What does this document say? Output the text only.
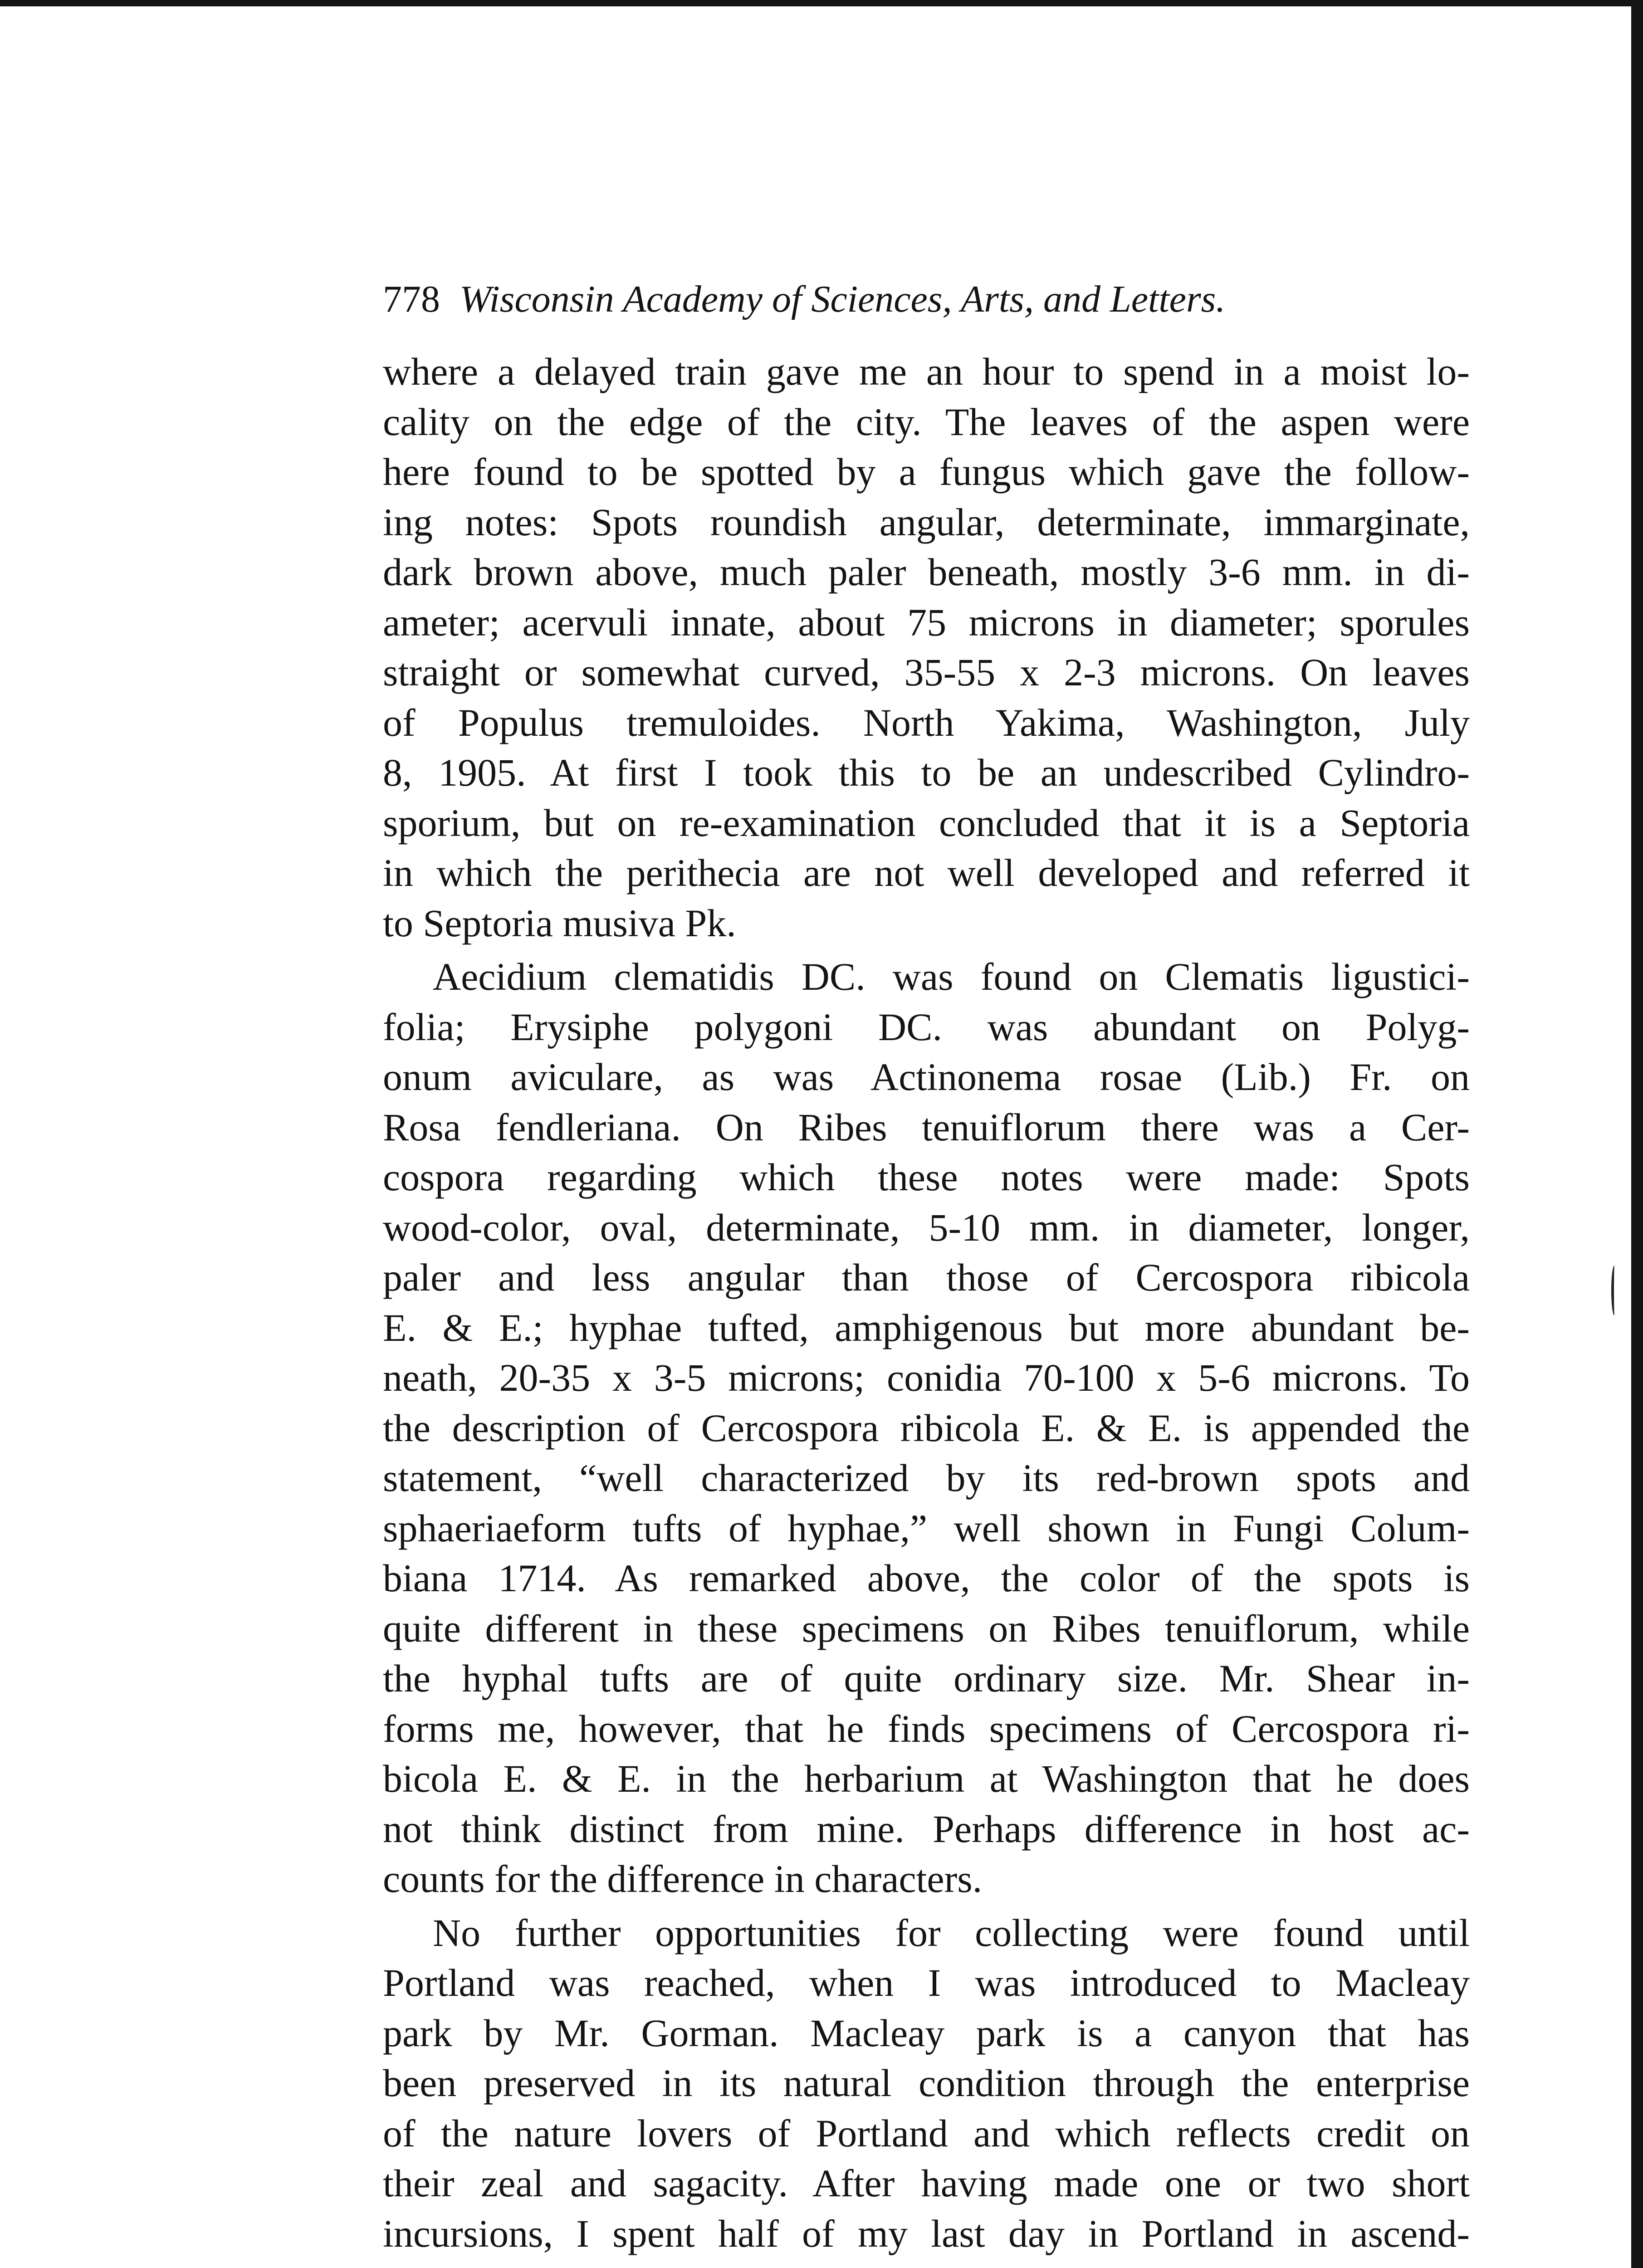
778 Wisconsin Academy of Sciences, Arts, and Letters.
where a delayed train gave me an hour to spend in a moist lo-
cality on the edge of the city. The leaves of the aspen were
here found to be spotted by a fungus which gave the follow-
ing notes: Spots roundish angular, determinate, immarginate,
dark brown above, much paler beneath, mostly 3-6 mm. in di-
ameter; acervuli innate, about 75 microns in diameter; sporules
straight or somewhat curved, 35-55 x 2-3 microns. On leaves
of Populus tremuloides. North Yakima, Washington, July
8, 1905. At first I took this to be an undescribed Cylindro-
sporium, but on re-examination concluded that it is a Septoria
in which the perithecia are not well developed and referred it
to Septoria musiva Pk.
Aecidium clematidis DC. was found on Clematis ligustici-
folia; Erysiphe polygoni DC. was abundant on Polyg-
onum aviculare, as was Actinonema rosae (Lib.) Fr. on
Rosa fendleriana. On Ribes tenuiflorum there was a Cer-
cospora regarding which these notes were made: Spots
wood-color, oval, determinate, 5-10 mm. in diameter, longer,
paler and less angular than those of Cercospora ribicola
E. & E.; hyphae tufted, amphigenous but more abundant be-
neath, 20-35 x 3-5 microns; conidia 70-100 x 5-6 microns. To
the description of Cercospora ribicola E. & E. is appended the
statement, “well characterized by its red-brown spots and
sphaeriaeform tufts of hyphae,” well shown in Fungi Colum-
biana 1714. As remarked above, the color of the spots is
quite different in these specimens on Ribes tenuiflorum, while
the hyphal tufts are of quite ordinary size. Mr. Shear in-
forms me, however, that he finds specimens of Cercospora ri-
bicola E. & E. in the herbarium at Washington that he does
not think distinct from mine. Perhaps difference in host ac-
counts for the difference in characters.
No further opportunities for collecting were found until
Portland was reached, when I was introduced to Macleay
park by Mr. Gorman. Macleay park is a canyon that has
been preserved in its natural condition through the enterprise
of the nature lovers of Portland and which reflects credit on
their zeal and sagacity. After having made one or two short
incursions, I spent half of my last day in Portland in ascend-
